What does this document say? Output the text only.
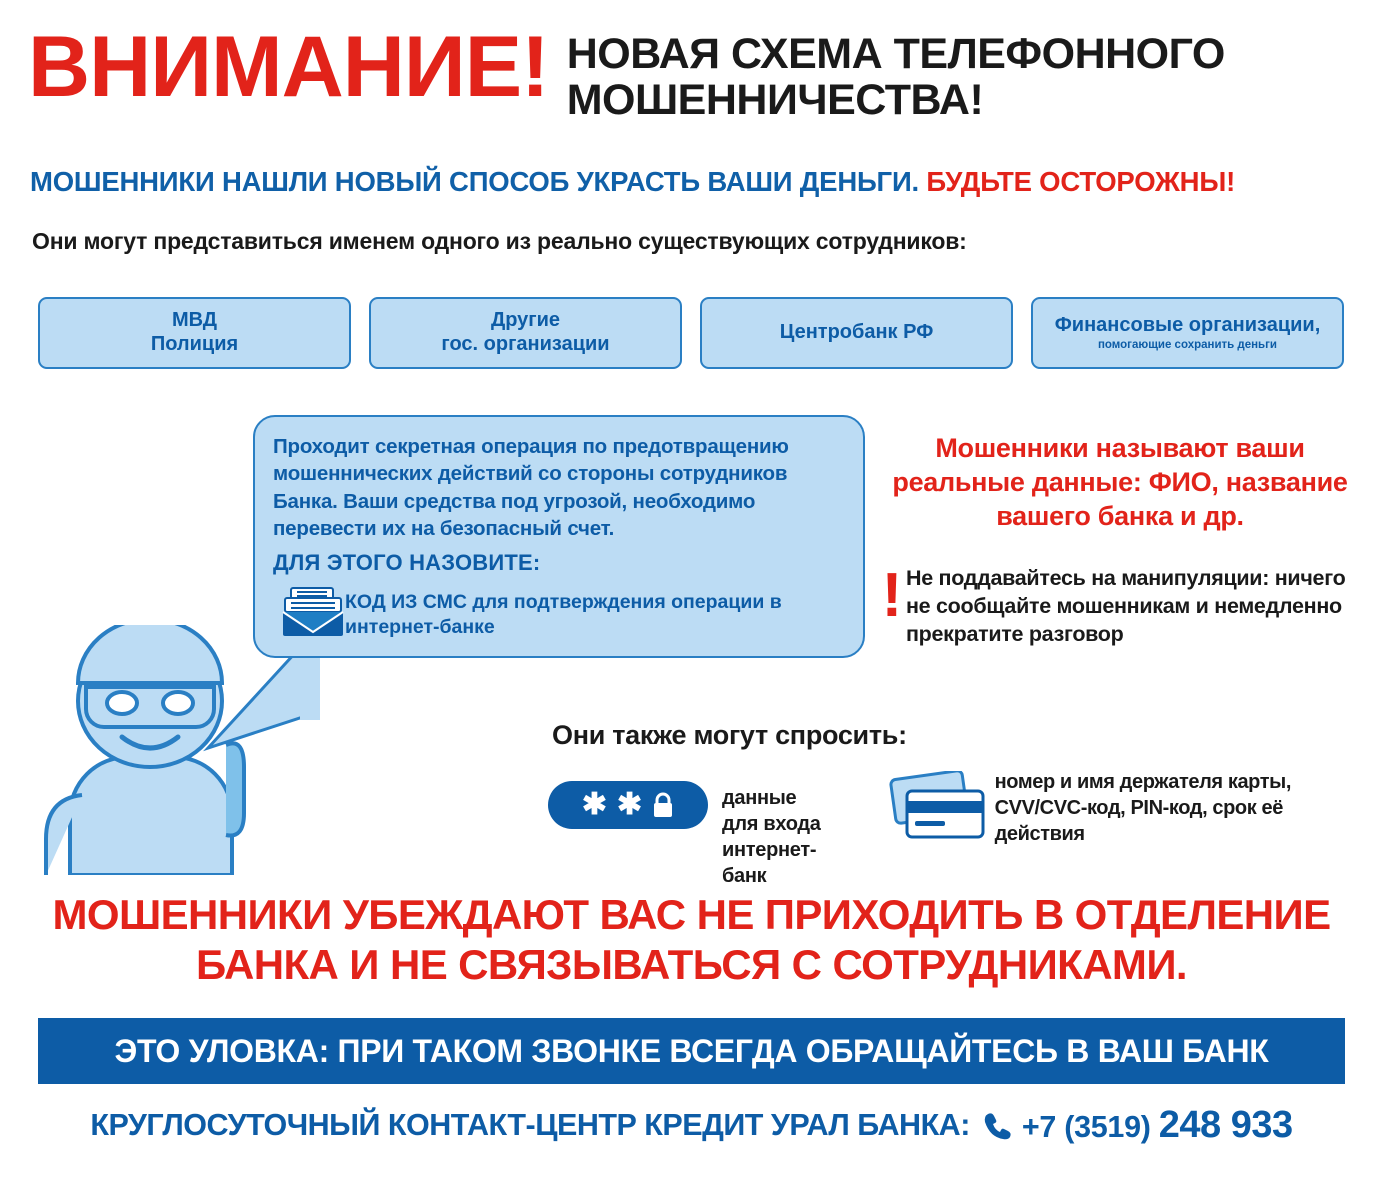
ВНИМАНИЕ! НОВАЯ СХЕМА ТЕЛЕФОННОГО
МОШЕННИЧЕСТВА!
МОШЕННИКИ НАШЛИ НОВЫЙ СПОСОБ УКРАСТЬ ВАШИ ДЕНЬГИ. БУДЬТЕ ОСТОРОЖНЫ!
Они могут представиться именем одного из реально существующих сотрудников:
МВД
Полиция
Другие
гос. организации
Центробанк РФ	Финансовые организации,
помогающие сохранить деньги

Проходит секретная операция по предотвращению мошеннических действий со стороны сотрудников Банка. Ваши средства под угрозой, необходимо перевести их на безопасный счет.

ДЛЯ ЭТОГО НАЗОВИТЕ:
КОД ИЗ СМС для подтверждения операции в интернет-банке
Мошенники называют ваши реальные данные: ФИО, название вашего банка и др.
! Не поддавайтесь на манипуляции: ничего не сообщайте мошенникам и немедленно прекратите разговор
Они также могут спросить:
✱ ✱	данные для входа интернет-банк
номер и имя держателя карты, CVV/CVC-код, PIN-код, срок её действия
МОШЕННИКИ УБЕЖДАЮТ ВАС НЕ ПРИХОДИТЬ В ОТДЕЛЕНИЕ
БАНКА И НЕ СВЯЗЫВАТЬСЯ С СОТРУДНИКАМИ.
ЭТО УЛОВКА: ПРИ ТАКОМ ЗВОНКЕ ВСЕГДА ОБРАЩАЙТЕСЬ В ВАШ БАНК
КРУГЛОСУТОЧНЫЙ КОНТАКТ-ЦЕНТР КРЕДИТ УРАЛ БАНКА: +7 (3519) 248 933
